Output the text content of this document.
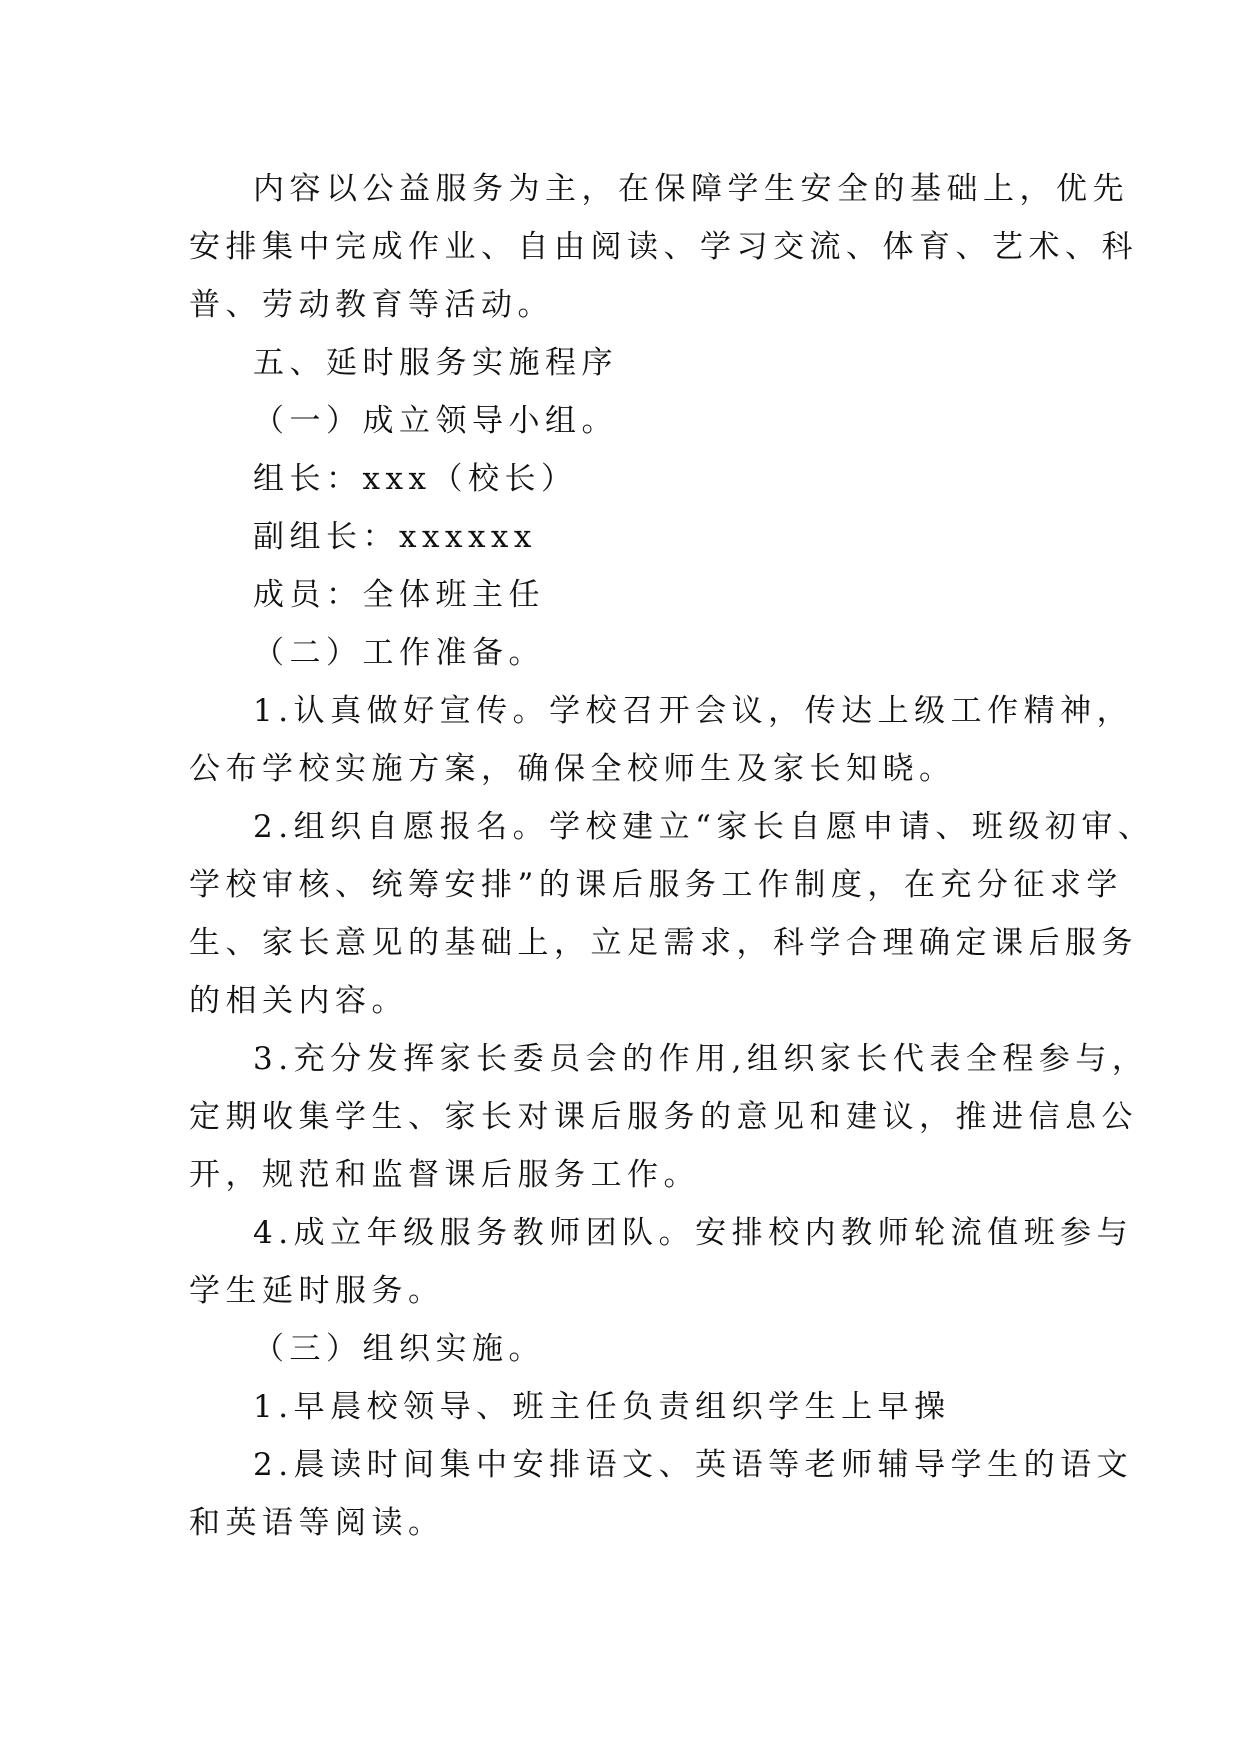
内容以公益服务为主，在保障学生安全的基础上，优先
安排集中完成作业、自由阅读、学习交流、体育、艺术、科
普、劳动教育等活动。
五、延时服务实施程序
（一）成立领导小组。
组长：xxx（校长）
副组长：xxxxxx
成员：全体班主任
（二）工作准备。
1.认真做好宣传。学校召开会议，传达上级工作精神，
公布学校实施方案，确保全校师生及家长知晓。
2.组织自愿报名。学校建立“家长自愿申请、班级初审、
学校审核、统筹安排”的课后服务工作制度，在充分征求学
生、家长意见的基础上，立足需求，科学合理确定课后服务
的相关内容。
3.充分发挥家长委员会的作用,组织家长代表全程参与，
定期收集学生、家长对课后服务的意见和建议，推进信息公
开，规范和监督课后服务工作。
4.成立年级服务教师团队。安排校内教师轮流值班参与
学生延时服务。
（三）组织实施。
1.早晨校领导、班主任负责组织学生上早操
2.晨读时间集中安排语文、英语等老师辅导学生的语文
和英语等阅读。
